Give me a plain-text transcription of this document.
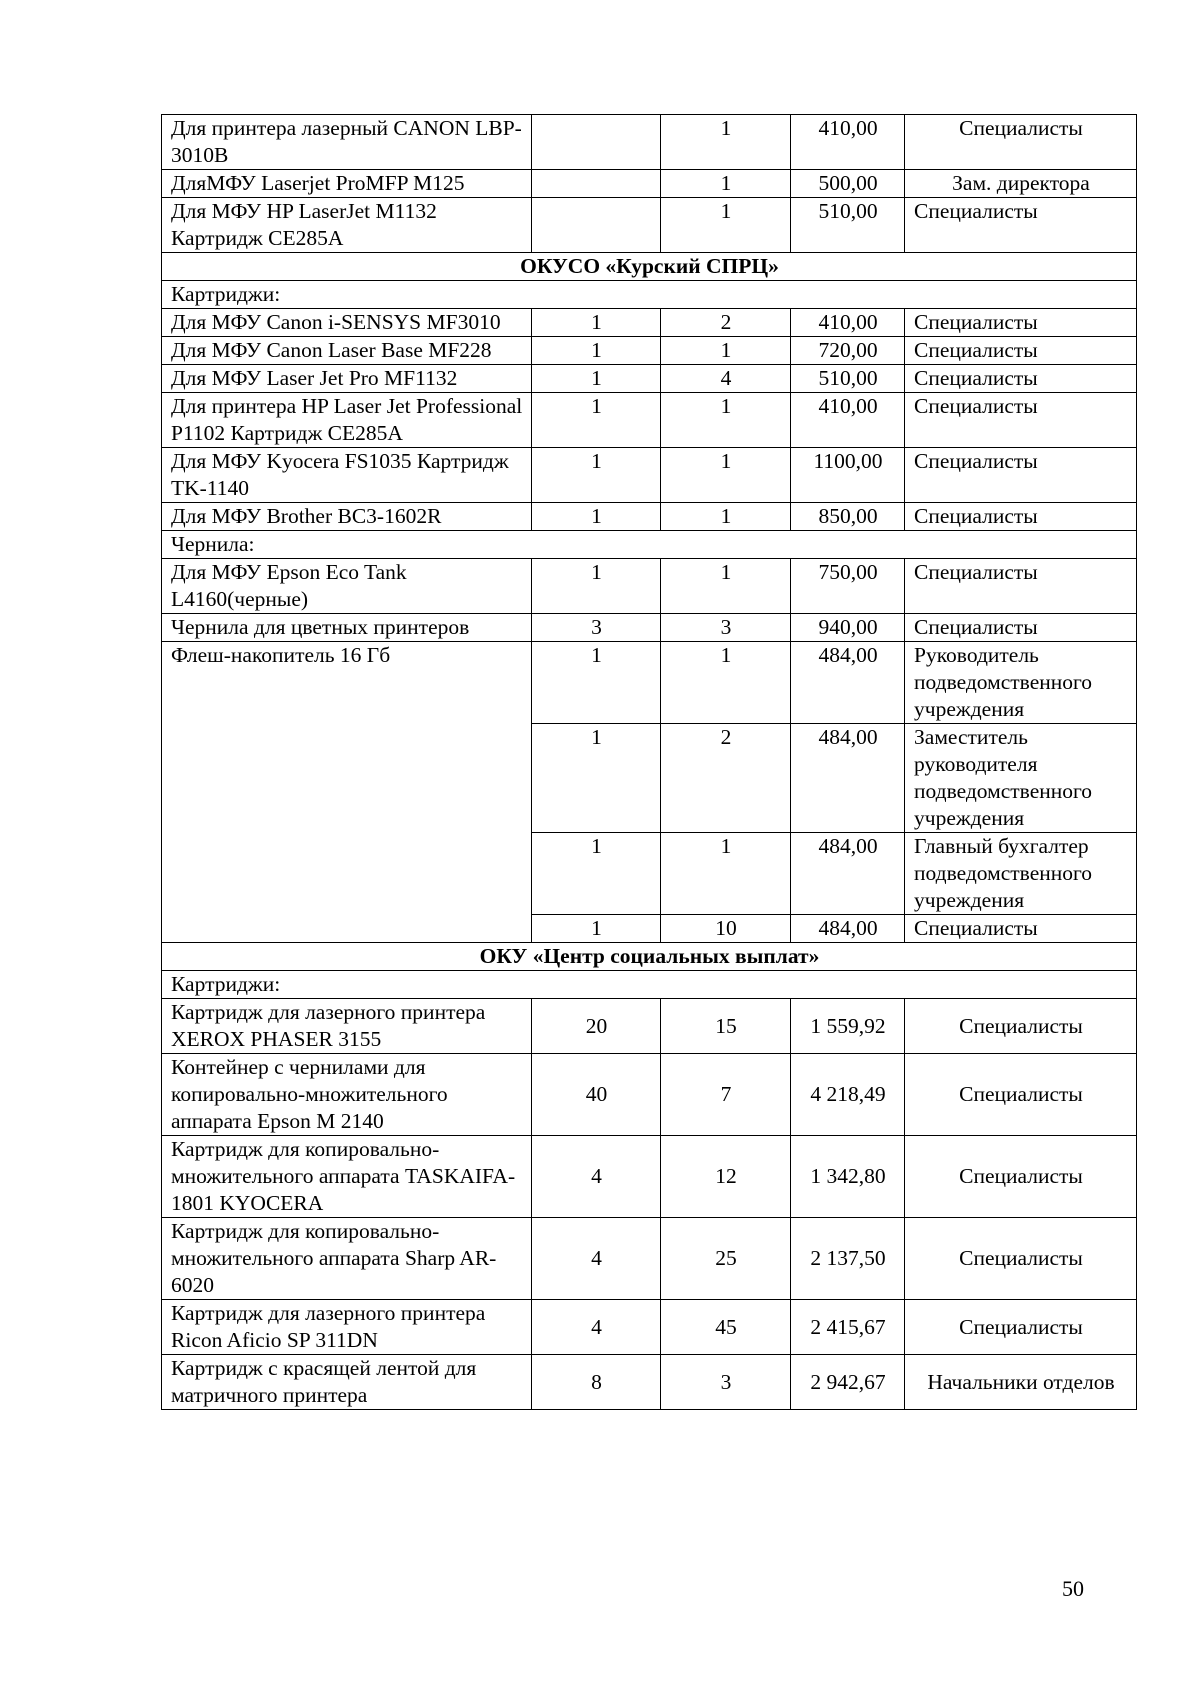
Для принтера лазерный CANON LBP-3010B		1	410,00	Специалисты
ДляМФУ Laserjet ProMFP M125		1	500,00	Зам. директора
Для МФУ HP LaserJet M1132 Картридж CE285A		1	510,00	Специалисты
ОКУСО «Курский СПРЦ»				
Картриджи:				
Для МФУ Canon i-SENSYS MF3010	1	2	410,00	Специалисты
Для МФУ Canon Laser Base MF228	1	1	720,00	Специалисты
Для МФУ Laser Jet Pro MF1132	1	4	510,00	Специалисты
Для принтера HP Laser Jet Professional P1102 Картридж CE285A	1	1	410,00	Специалисты
Для МФУ Kyocera FS1035 Картридж TK-1140	1	1	1100,00	Специалисты
Для МФУ Brother BC3-1602R	1	1	850,00	Специалисты
Чернила:				
Для МФУ Epson Eco Tank L4160(черные)	1	1	750,00	Специалисты
Чернила для цветных принтеров	3	3	940,00	Специалисты
Флеш-накопитель 16 Гб	1	1	484,00	Руководитель подведомственного учреждения
	1	2	484,00	Заместитель руководителя подведомственного учреждения
	1	1	484,00	Главный бухгалтер подведомственного учреждения
	1	10	484,00	Специалисты
ОКУ «Центр социальных выплат»				
Картриджи:				
Картридж для лазерного принтера XEROX PHASER 3155	20	15	1 559,92	Специалисты
Контейнер с чернилами для копировально-множительного аппарата Epson M 2140	40	7	4 218,49	Специалисты
Картридж для копировально-множительного аппарата TASKAIFA-1801 KYOCERA	4	12	1 342,80	Специалисты
Картридж для копировально-множительного аппарата Sharp AR-6020	4	25	2 137,50	Специалисты
Картридж для лазерного принтера Ricon Aficio SP 311DN	4	45	2 415,67	Специалисты
Картридж с красящей лентой для матричного принтера	8	3	2 942,67	Начальники отделов
50
